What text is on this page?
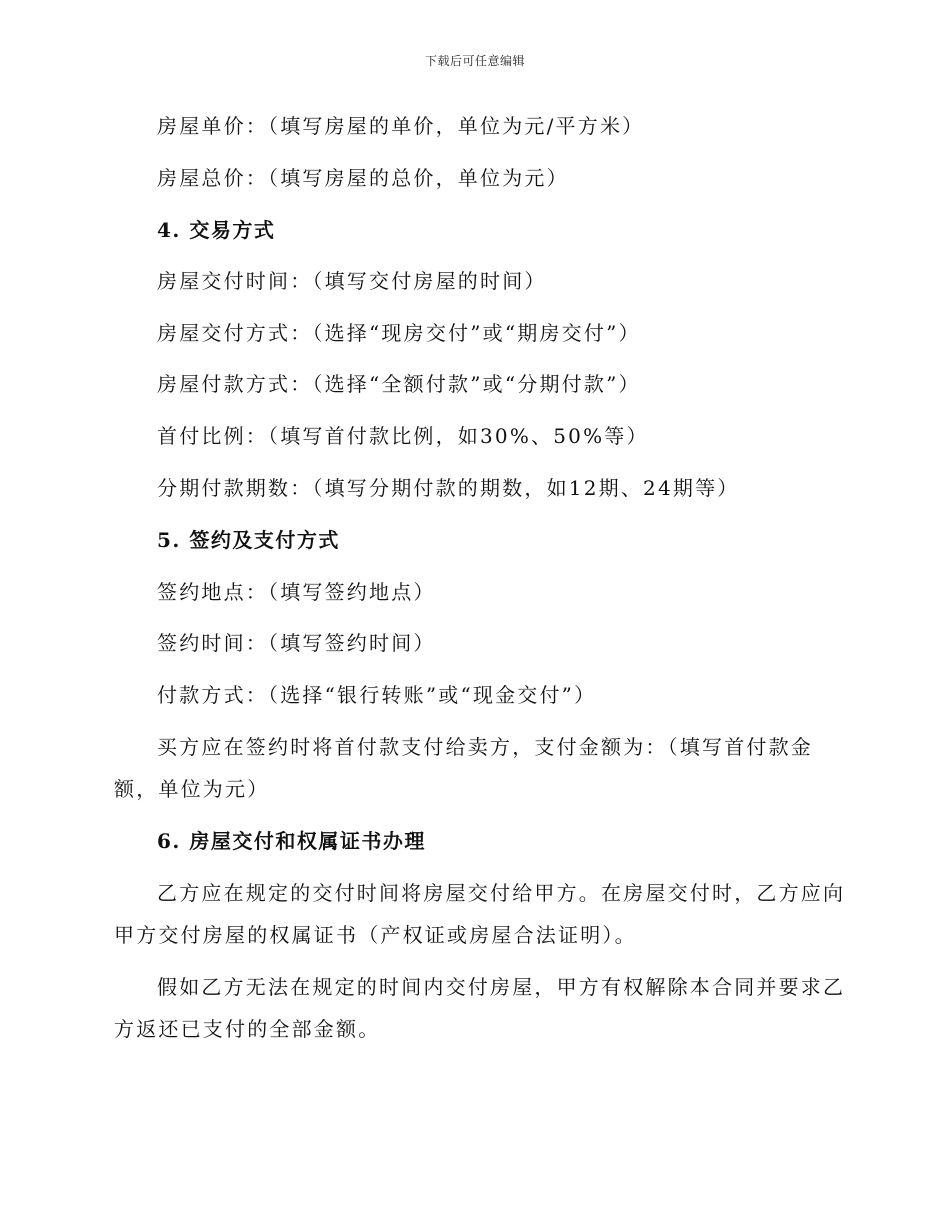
下载后可任意编辑
房屋单价：（填写房屋的单价，单位为元/平方米）
房屋总价：（填写房屋的总价，单位为元）
4. 交易方式
房屋交付时间：（填写交付房屋的时间）
房屋交付方式：（选择“现房交付”或“期房交付”）
房屋付款方式：（选择“全额付款”或“分期付款”）
首付比例：（填写首付款比例，如30%、50%等）
分期付款期数：（填写分期付款的期数，如12期、24期等）
5. 签约及支付方式
签约地点：（填写签约地点）
签约时间：（填写签约时间）
付款方式：（选择“银行转账”或“现金交付”）
买方应在签约时将首付款支付给卖方，支付金额为：（填写首付款金
额，单位为元）
6. 房屋交付和权属证书办理
乙方应在规定的交付时间将房屋交付给甲方。在房屋交付时，乙方应向
甲方交付房屋的权属证书（产权证或房屋合法证明）。
假如乙方无法在规定的时间内交付房屋，甲方有权解除本合同并要求乙
方返还已支付的全部金额。
